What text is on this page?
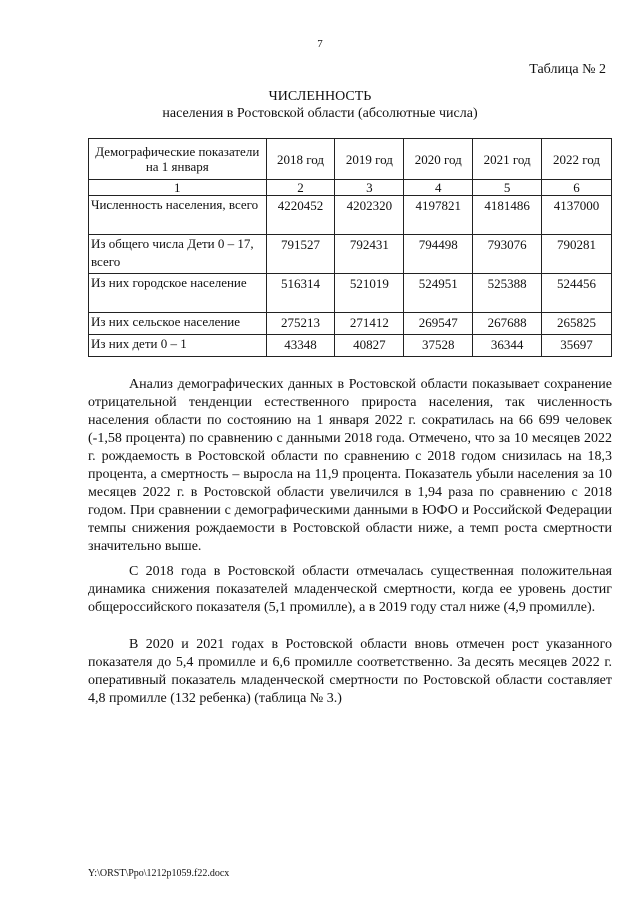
7
Таблица № 2
ЧИСЛЕННОСТЬ
населения в Ростовской области (абсолютные числа)
Демографические показатели на 1 января	2018 год	2019 год	2020 год	2021 год	2022 год
1	2	3	4	5	6
Численность населения, всего	4220452	4202320	4197821	4181486	4137000
Из общего числа Дети 0 – 17, всего	791527	792431	794498	793076	790281
Из них городское население	516314	521019	524951	525388	524456
Из них сельское население	275213	271412	269547	267688	265825
Из них дети 0 – 1	43348	40827	37528	36344	35697

Анализ демографических данных в Ростовской области показывает сохранение отрицательной тенденции естественного прироста населения, так численность населения области по состоянию на 1 января 2022 г. сократилась на 66 699 человек (-1,58 процента) по сравнению с данными 2018 года. Отмечено, что за 10 месяцев 2022 г. рождаемость в Ростовской области по сравнению с 2018 годом снизилась на 18,3 процента, а смертность – выросла на 11,9 процента. Показатель убыли населения за 10 месяцев 2022 г. в Ростовской области увеличился в 1,94 раза по сравнению с 2018 годом. При сравнении с демографическими данными в ЮФО и Российской Федерации темпы снижения рождаемости в Ростовской области ниже, а темп роста смертности значительно выше.

С 2018 года в Ростовской области отмечалась существенная положительная динамика снижения показателей младенческой смертности, когда ее уровень достиг общероссийского показателя (5,1 промилле), а в 2019 году стал ниже (4,9 промилле).

В 2020 и 2021 годах в Ростовской области вновь отмечен рост указанного показателя до 5,4 промилле и 6,6 промилле соответственно. За десять месяцев 2022 г. оперативный показатель младенческой смертности по Ростовской области составляет 4,8 промилле (132 ребенка) (таблица № 3.)

Y:\ORST\Ppo\1212p1059.f22.docx
